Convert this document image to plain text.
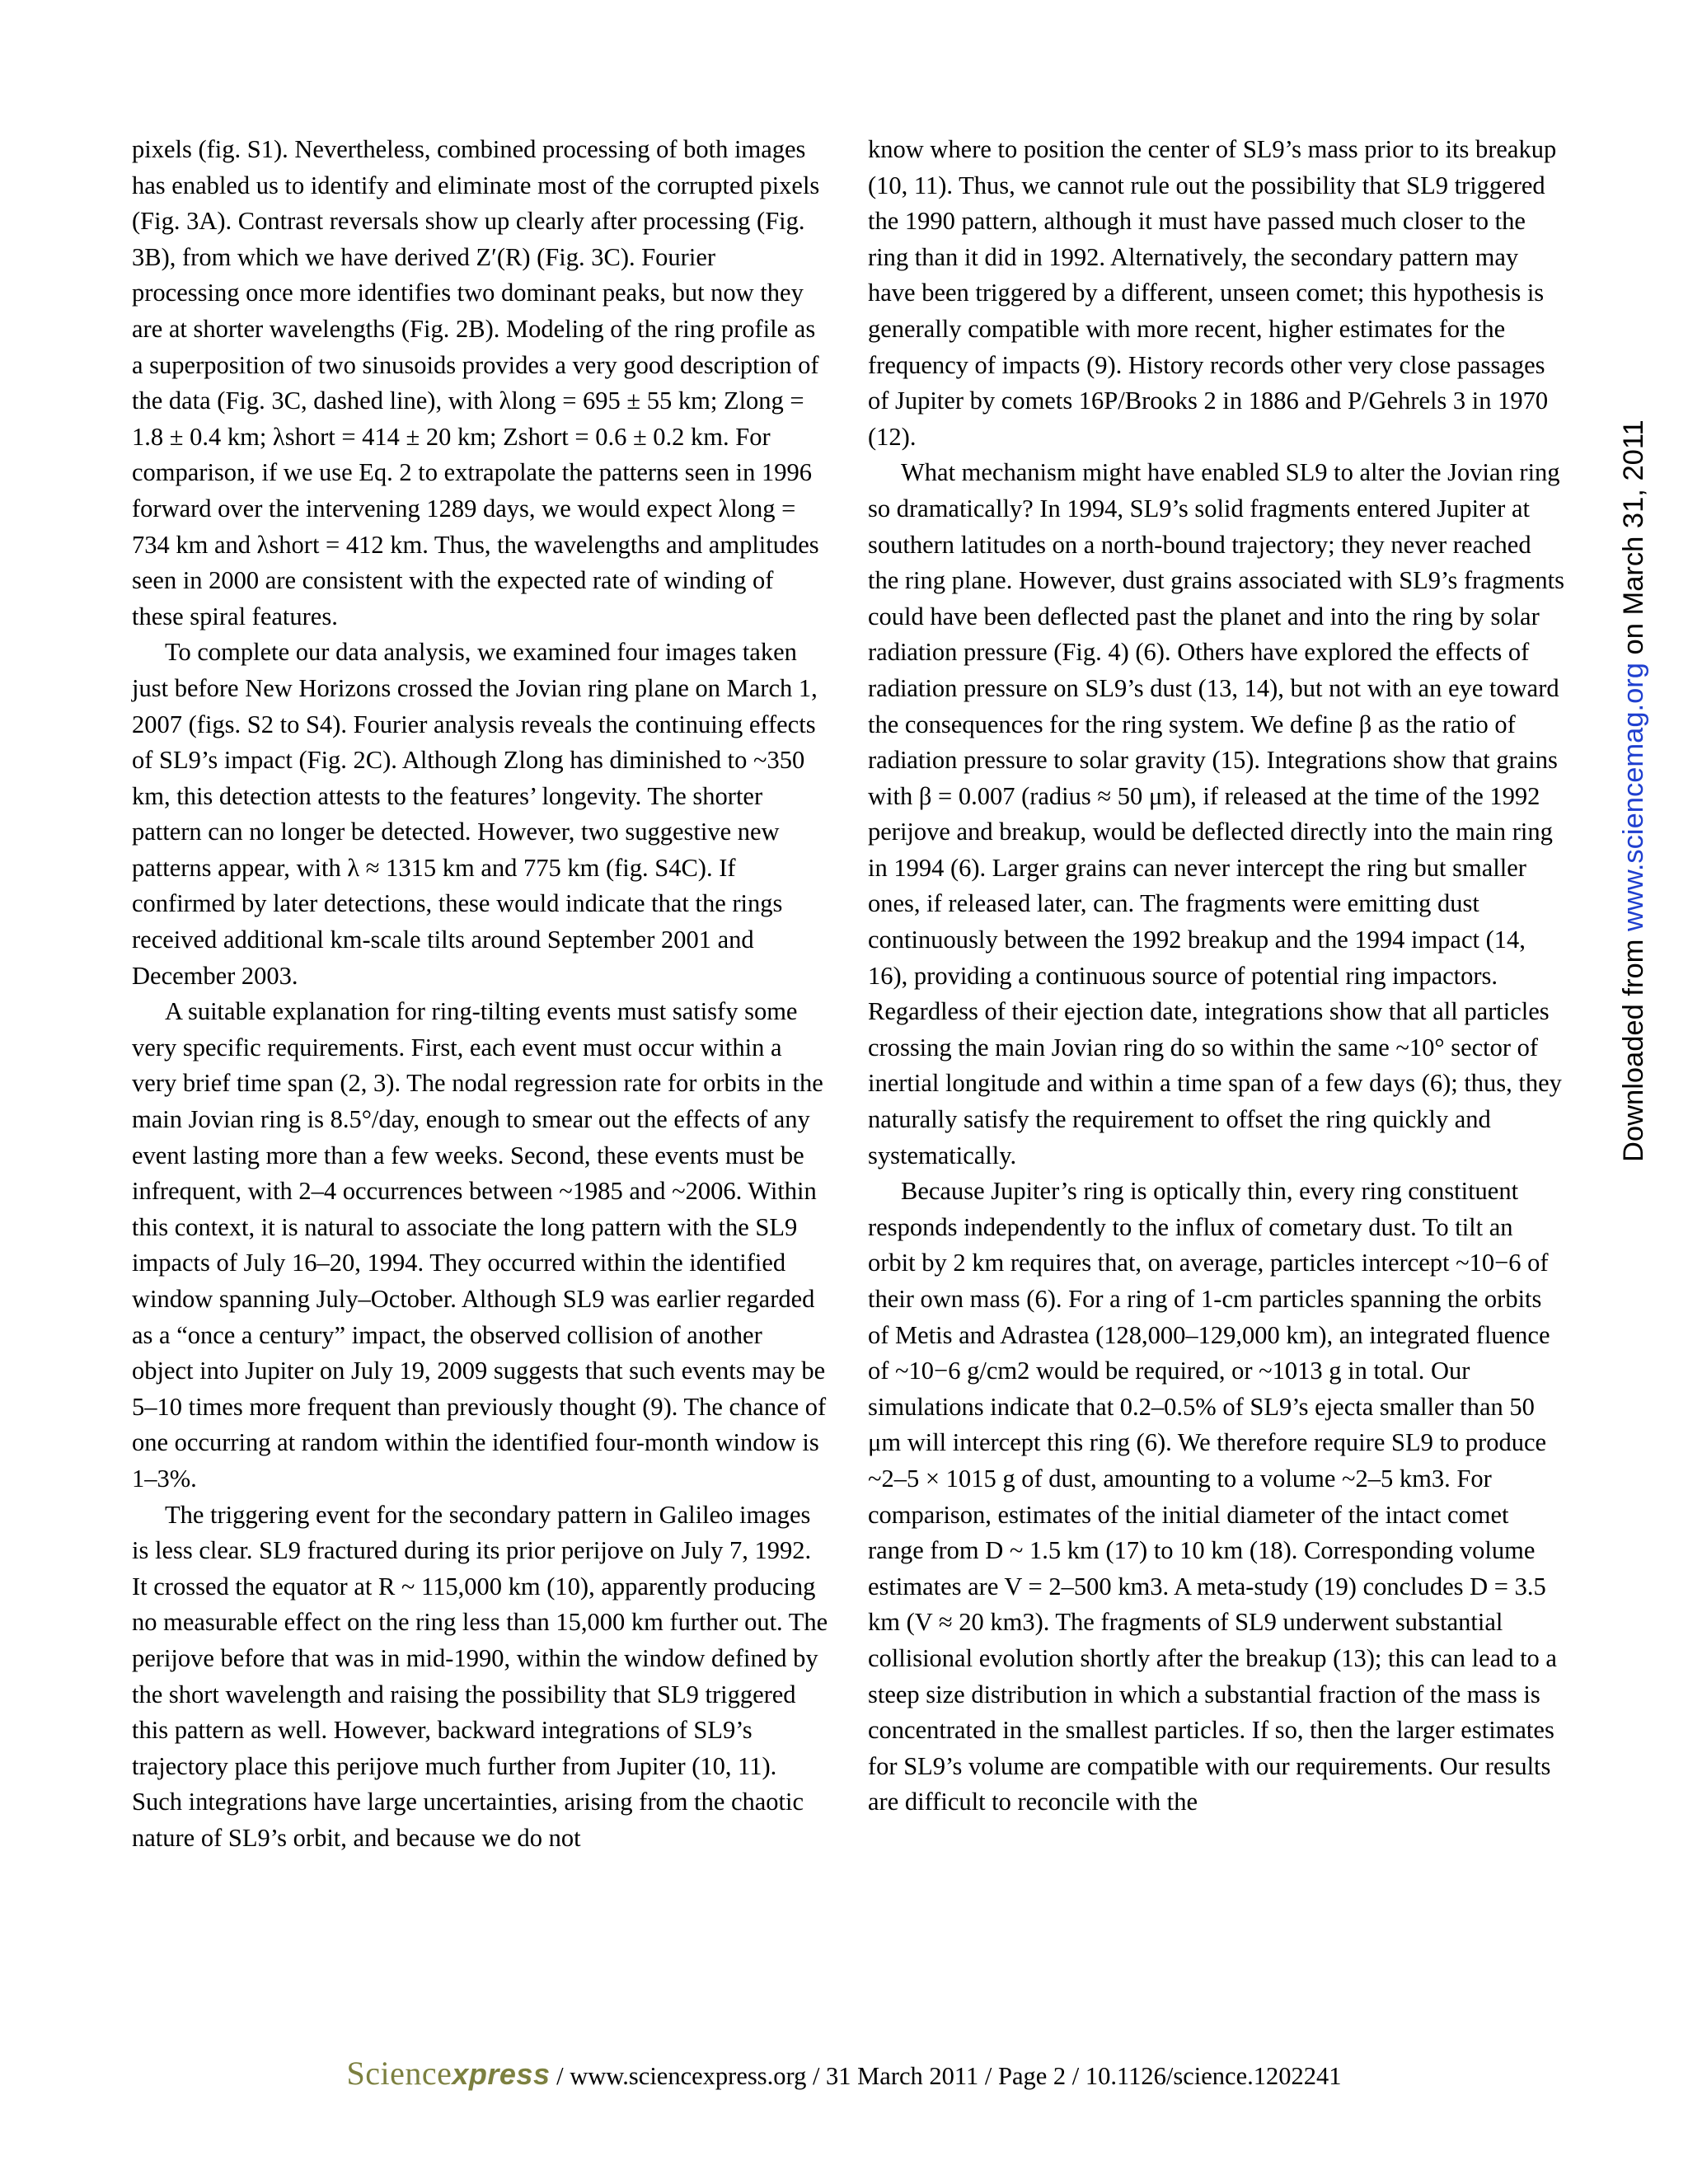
pixels (fig. S1). Nevertheless, combined processing of both images has enabled us to identify and eliminate most of the corrupted pixels (Fig. 3A). Contrast reversals show up clearly after processing (Fig. 3B), from which we have derived Z′(R) (Fig. 3C). Fourier processing once more identifies two dominant peaks, but now they are at shorter wavelengths (Fig. 2B). Modeling of the ring profile as a superposition of two sinusoids provides a very good description of the data (Fig. 3C, dashed line), with λlong = 695 ± 55 km; Zlong = 1.8 ± 0.4 km; λshort = 414 ± 20 km; Zshort = 0.6 ± 0.2 km. For comparison, if we use Eq. 2 to extrapolate the patterns seen in 1996 forward over the intervening 1289 days, we would expect λlong = 734 km and λshort = 412 km. Thus, the wavelengths and amplitudes seen in 2000 are consistent with the expected rate of winding of these spiral features.

To complete our data analysis, we examined four images taken just before New Horizons crossed the Jovian ring plane on March 1, 2007 (figs. S2 to S4). Fourier analysis reveals the continuing effects of SL9’s impact (Fig. 2C). Although Zlong has diminished to ~350 km, this detection attests to the features’ longevity. The shorter pattern can no longer be detected. However, two suggestive new patterns appear, with λ ≈ 1315 km and 775 km (fig. S4C). If confirmed by later detections, these would indicate that the rings received additional km-scale tilts around September 2001 and December 2003.

A suitable explanation for ring-tilting events must satisfy some very specific requirements. First, each event must occur within a very brief time span (2, 3). The nodal regression rate for orbits in the main Jovian ring is 8.5°/day, enough to smear out the effects of any event lasting more than a few weeks. Second, these events must be infrequent, with 2–4 occurrences between ~1985 and ~2006. Within this context, it is natural to associate the long pattern with the SL9 impacts of July 16–20, 1994. They occurred within the identified window spanning July–October. Although SL9 was earlier regarded as a “once a century” impact, the observed collision of another object into Jupiter on July 19, 2009 suggests that such events may be 5–10 times more frequent than previously thought (9). The chance of one occurring at random within the identified four-month window is 1–3%.

The triggering event for the secondary pattern in Galileo images is less clear. SL9 fractured during its prior perijove on July 7, 1992. It crossed the equator at R ~ 115,000 km (10), apparently producing no measurable effect on the ring less than 15,000 km further out. The perijove before that was in mid-1990, within the window defined by the short wavelength and raising the possibility that SL9 triggered this pattern as well. However, backward integrations of SL9’s trajectory place this perijove much further from Jupiter (10, 11). Such integrations have large uncertainties, arising from the chaotic nature of SL9’s orbit, and because we do not

know where to position the center of SL9’s mass prior to its breakup (10, 11). Thus, we cannot rule out the possibility that SL9 triggered the 1990 pattern, although it must have passed much closer to the ring than it did in 1992. Alternatively, the secondary pattern may have been triggered by a different, unseen comet; this hypothesis is generally compatible with more recent, higher estimates for the frequency of impacts (9). History records other very close passages of Jupiter by comets 16P/Brooks 2 in 1886 and P/Gehrels 3 in 1970 (12).

What mechanism might have enabled SL9 to alter the Jovian ring so dramatically? In 1994, SL9’s solid fragments entered Jupiter at southern latitudes on a north-bound trajectory; they never reached the ring plane. However, dust grains associated with SL9’s fragments could have been deflected past the planet and into the ring by solar radiation pressure (Fig. 4) (6). Others have explored the effects of radiation pressure on SL9’s dust (13, 14), but not with an eye toward the consequences for the ring system. We define β as the ratio of radiation pressure to solar gravity (15). Integrations show that grains with β = 0.007 (radius ≈ 50 μm), if released at the time of the 1992 perijove and breakup, would be deflected directly into the main ring in 1994 (6). Larger grains can never intercept the ring but smaller ones, if released later, can. The fragments were emitting dust continuously between the 1992 breakup and the 1994 impact (14, 16), providing a continuous source of potential ring impactors. Regardless of their ejection date, integrations show that all particles crossing the main Jovian ring do so within the same ~10° sector of inertial longitude and within a time span of a few days (6); thus, they naturally satisfy the requirement to offset the ring quickly and systematically.

Because Jupiter’s ring is optically thin, every ring constituent responds independently to the influx of cometary dust. To tilt an orbit by 2 km requires that, on average, particles intercept ~10−6 of their own mass (6). For a ring of 1-cm particles spanning the orbits of Metis and Adrastea (128,000–129,000 km), an integrated fluence of ~10−6 g/cm2 would be required, or ~1013 g in total. Our simulations indicate that 0.2–0.5% of SL9’s ejecta smaller than 50 μm will intercept this ring (6). We therefore require SL9 to produce ~2–5 × 1015 g of dust, amounting to a volume ~2–5 km3. For comparison, estimates of the initial diameter of the intact comet range from D ~ 1.5 km (17) to 10 km (18). Corresponding volume estimates are V = 2–500 km3. A meta-study (19) concludes D = 3.5 km (V ≈ 20 km3). The fragments of SL9 underwent substantial collisional evolution shortly after the breakup (13); this can lead to a steep size distribution in which a substantial fraction of the mass is concentrated in the smallest particles. If so, then the larger estimates for SL9’s volume are compatible with our requirements. Our results are difficult to reconcile with the

Downloaded from www.sciencemag.org on March 31, 2011
Sciencexpress / www.sciencexpress.org / 31 March 2011 / Page 2 / 10.1126/science.1202241
